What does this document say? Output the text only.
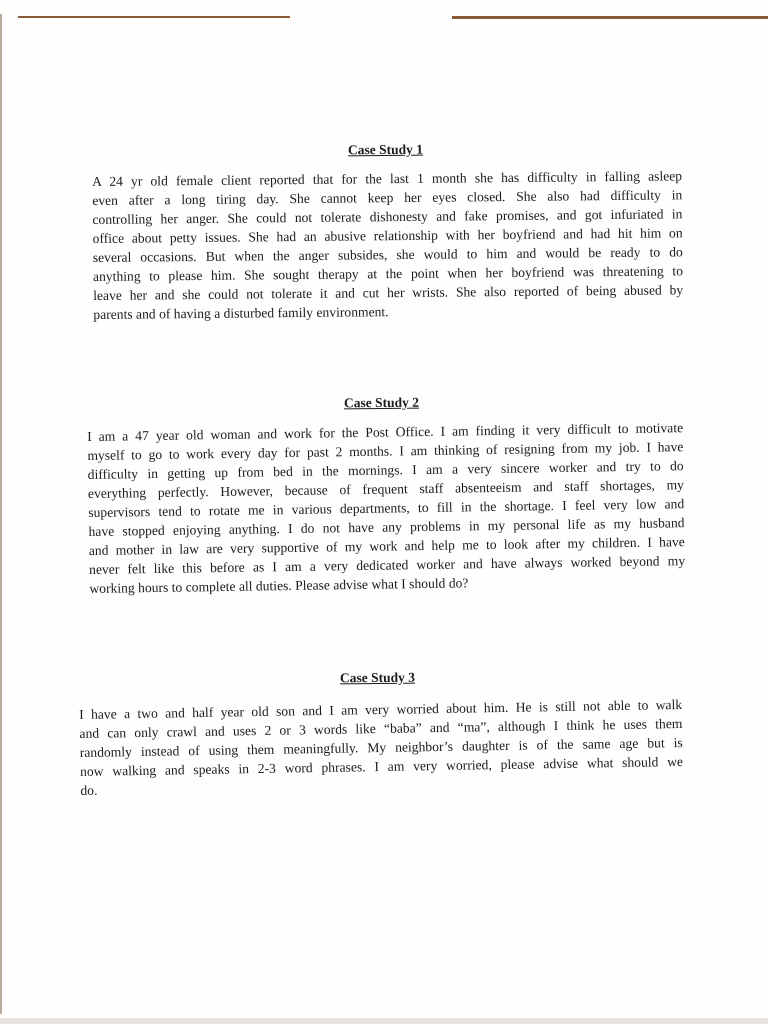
Case Study 1
A 24 yr old female client reported that for the last 1 month she has difficulty in falling asleep
even after a long tiring day. She cannot keep her eyes closed. She also had difficulty in
controlling her anger. She could not tolerate dishonesty and fake promises, and got infuriated in
office about petty issues. She had an abusive relationship with her boyfriend and had hit him on
several occasions. But when the anger subsides, she would to him and would be ready to do
anything to please him. She sought therapy at the point when her boyfriend was threatening to
leave her and she could not tolerate it and cut her wrists. She also reported of being abused by
parents and of having a disturbed family environment.
Case Study 2
I am a 47 year old woman and work for the Post Office. I am finding it very difficult to motivate
myself to go to work every day for past 2 months. I am thinking of resigning from my job. I have
difficulty in getting up from bed in the mornings. I am a very sincere worker and try to do
everything perfectly. However, because of frequent staff absenteeism and staff shortages, my
supervisors tend to rotate me in various departments, to fill in the shortage. I feel very low and
have stopped enjoying anything. I do not have any problems in my personal life as my husband
and mother in law are very supportive of my work and help me to look after my children. I have
never felt like this before as I am a very dedicated worker and have always worked beyond my
working hours to complete all duties. Please advise what I should do?
Case Study 3
I have a two and half year old son and I am very worried about him. He is still not able to walk
and can only crawl and uses 2 or 3 words like “baba” and “ma”, although I think he uses them
randomly instead of using them meaningfully. My neighbor’s daughter is of the same age but is
now walking and speaks in 2-3 word phrases. I am very worried, please advise what should we
do.
